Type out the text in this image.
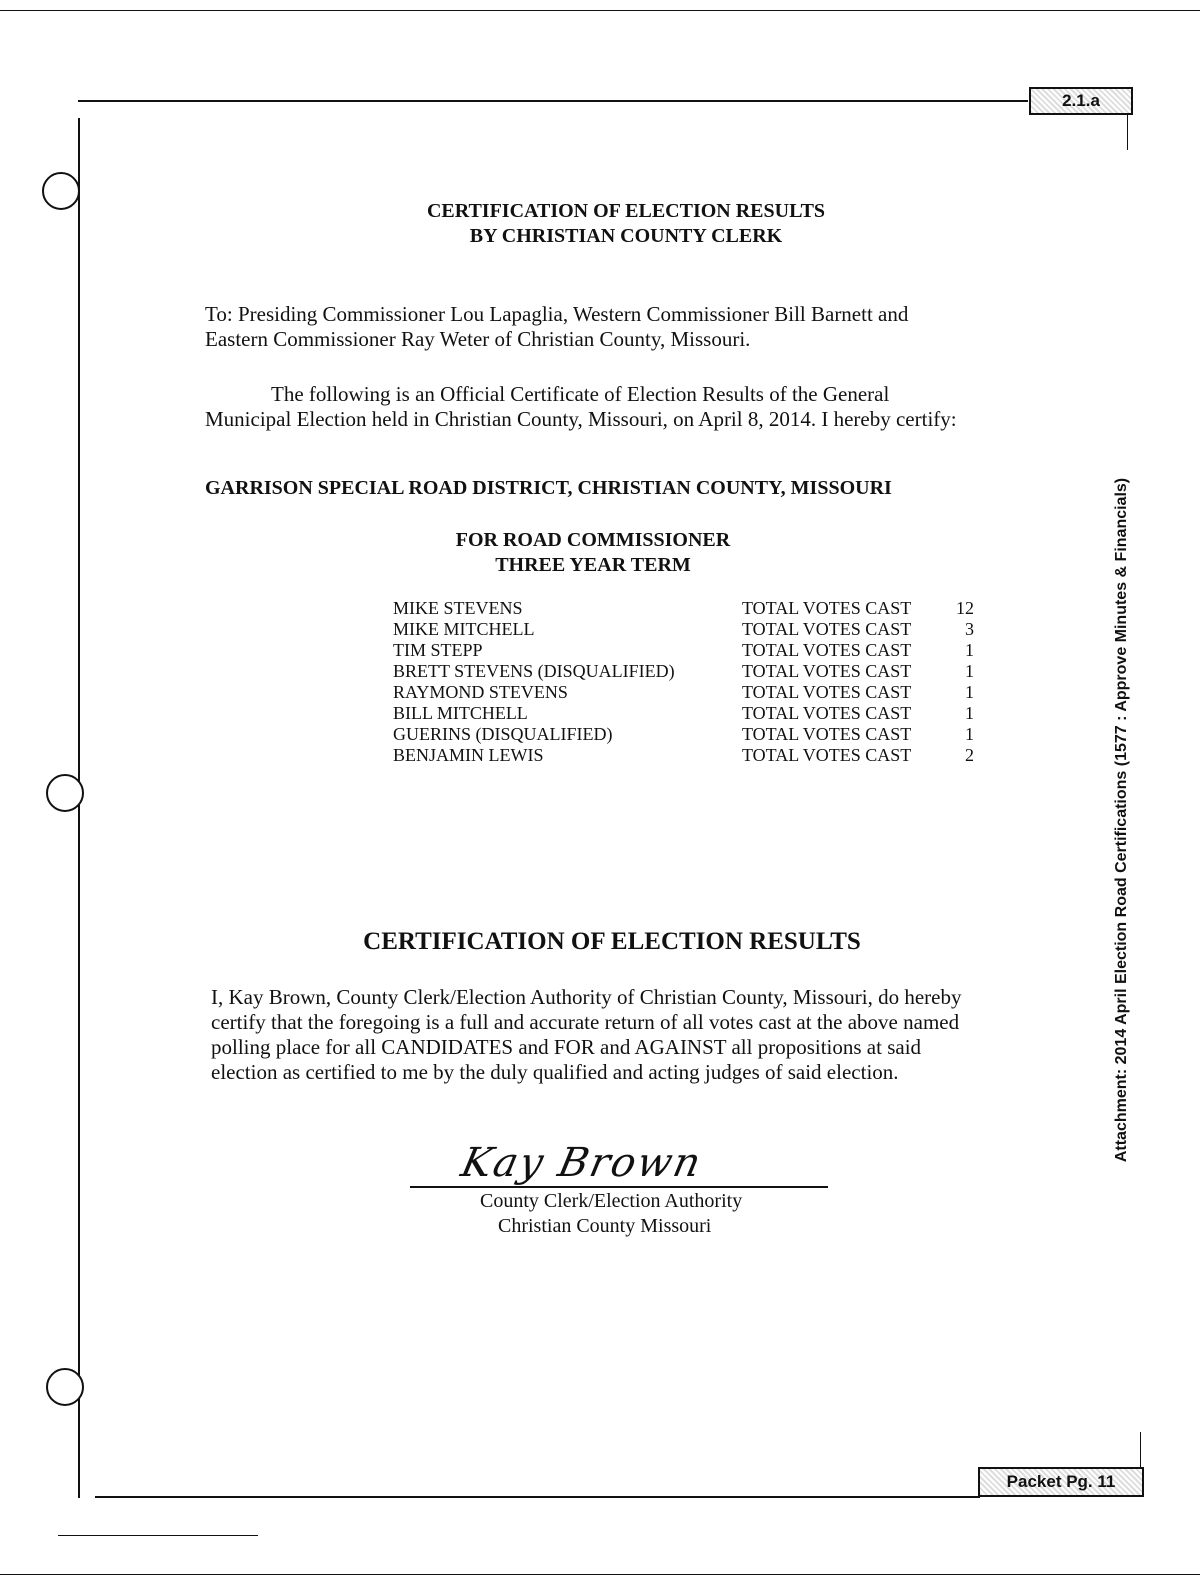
2.1.a
Packet Pg. 11
Attachment: 2014 April Election Road Certifications (1577 : Approve Minutes & Financials)
CERTIFICATION OF ELECTION RESULTS
BY CHRISTIAN COUNTY CLERK
To: Presiding Commissioner Lou Lapaglia, Western Commissioner Bill Barnett and
Eastern Commissioner Ray Weter of Christian County, Missouri.
The following is an Official Certificate of Election Results of the General
Municipal Election held in Christian County, Missouri, on April 8, 2014. I hereby certify:
GARRISON SPECIAL ROAD DISTRICT, CHRISTIAN COUNTY, MISSOURI
FOR ROAD COMMISSIONER
THREE YEAR TERM
MIKE STEVENS	TOTAL VOTES CAST	12
MIKE MITCHELL	TOTAL VOTES CAST	3
TIM STEPP	TOTAL VOTES CAST	1
BRETT STEVENS (DISQUALIFIED)	TOTAL VOTES CAST	1
RAYMOND STEVENS	TOTAL VOTES CAST	1
BILL MITCHELL	TOTAL VOTES CAST	1
GUERINS (DISQUALIFIED)	TOTAL VOTES CAST	1
BENJAMIN LEWIS	TOTAL VOTES CAST	2
CERTIFICATION OF ELECTION RESULTS
I, Kay Brown, County Clerk/Election Authority of Christian County, Missouri, do hereby
certify that the foregoing is a full and accurate return of all votes cast at the above named
polling place for all CANDIDATES and FOR and AGAINST all propositions at said
election as certified to me by the duly qualified and acting judges of said election.
Kay Brown
County Clerk/Election Authority
Christian County Missouri
